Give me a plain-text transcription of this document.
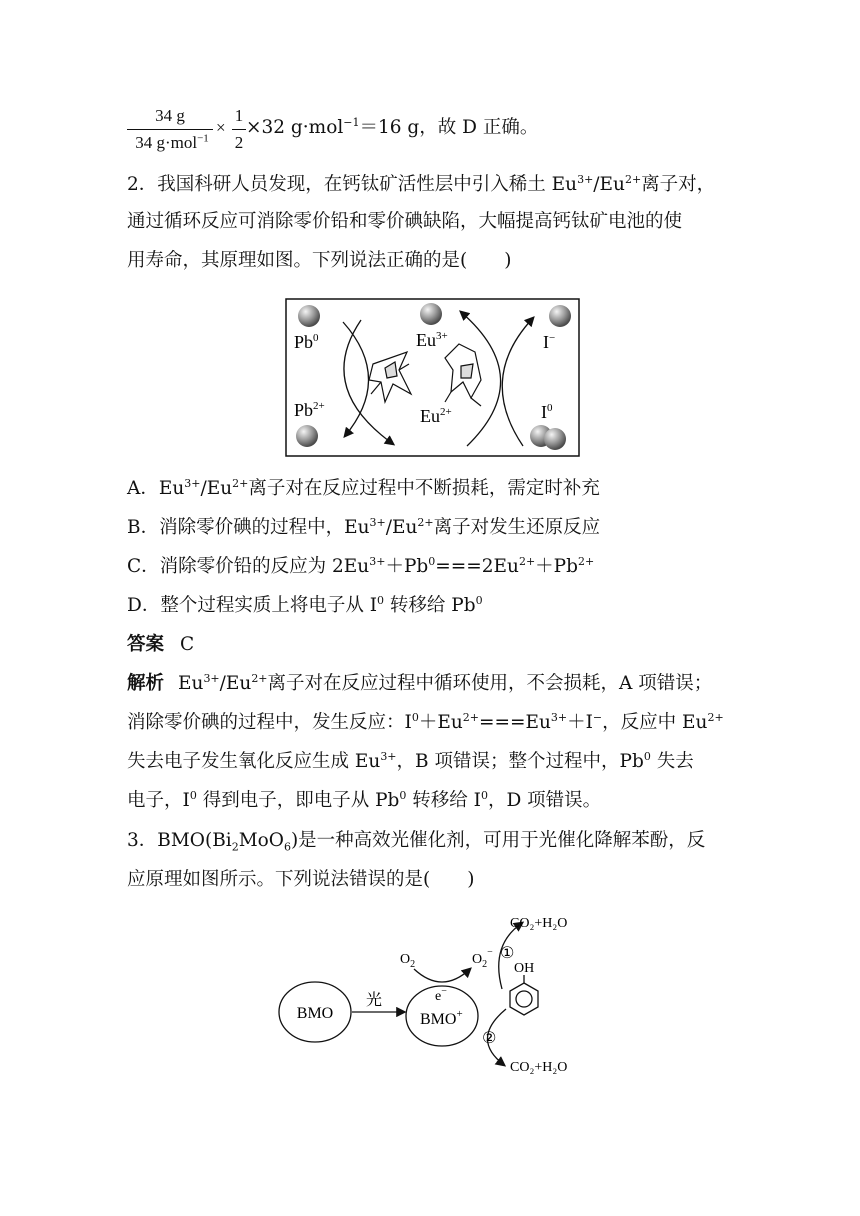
34 g
34 g·mol$^{-1}$
×
1
2
×32 g·mol$^{-1}$＝16 g，故 D 正确。
2．我国科研人员发现，在钙钛矿活性层中引入稀土 $Eu^{3+}/Eu^{2+}$离子对，
通过循环反应可消除零价铅和零价碘缺陷，大幅提高钙钛矿电池的使
用寿命，其原理如图。下列说法正确的是(　　)
Pb$^0$
$Pb^{2+}$
$Eu^{3+}$
$Eu^{2+}$
I−
$I^0$
A．$Eu^{3+}/Eu^{2+}$离子对在反应过程中不断损耗，需定时补充
B．消除零价碘的过程中，$Eu^{3+}/Eu^{2+}$离子对发生还原反应
C．消除零价铅的反应为 $2Eu^{3+}+Pb^0===2Eu^{2+}+Pb^{2+}$
D．整个过程实质上将电子从 $I^0$ 转移给 Pb$^0$
答案 C
解析 $Eu^{3+}/Eu^{2+}$离子对在反应过程中循环使用，不会损耗，A 项错误；
消除零价碘的过程中，发生反应：$I^0+Eu^{2+}===Eu^{3+}+I^-$，反应中 $Eu^{2+}$
失去电子发生氧化反应生成 $Eu^{3+}$，B 项错误；整个过程中，Pb$^0$ 失去
电子，$I^0$ 得到电子，即电子从 Pb$^0$ 转移给 $I^0$，D 项错误。
3．$BMO(Bi_2MoO_6)$是一种高效光催化剂，可用于光催化降解苯酚，反
应原理如图所示。下列说法错误的是(　　)
BMO
光
BMO+
e−
$O_2$	$O_2^-$
OH
①
CO₂+H₂O
②
CO₂+H₂O
